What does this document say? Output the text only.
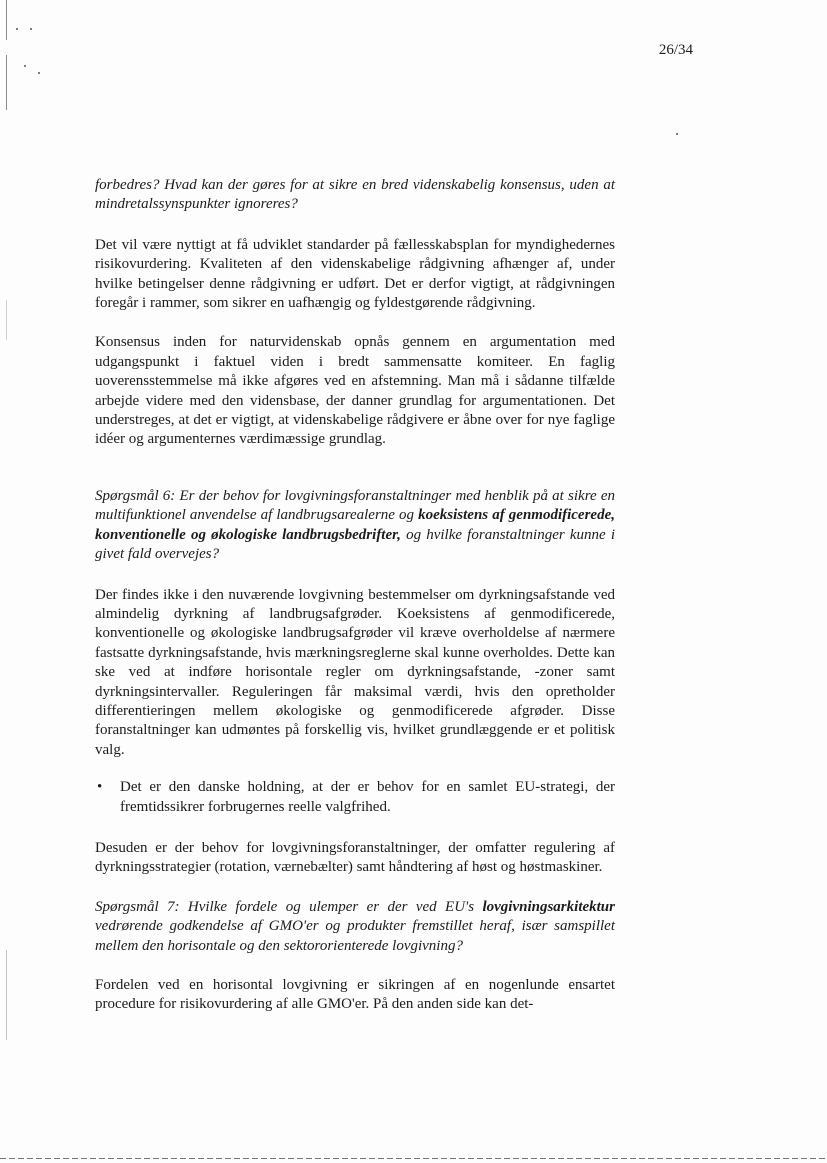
26/34

forbedres? Hvad kan der gøres for at sikre en bred videnskabelig konsensus, uden at mindretalssynspunkter ignoreres?

Det vil være nyttigt at få udviklet standarder på fællesskabsplan for myndighedernes risikovurdering. Kvaliteten af den videnskabelige rådgivning afhænger af, under hvilke betingelser denne rådgivning er udført. Det er derfor vigtigt, at rådgivningen foregår i rammer, som sikrer en uafhængig og fyldestgørende rådgivning.

Konsensus inden for naturvidenskab opnås gennem en argumentation med udgangspunkt i faktuel viden i bredt sammensatte komiteer. En faglig uoverensstemmelse må ikke afgøres ved en afstemning. Man må i sådanne tilfælde arbejde videre med den vidensbase, der danner grundlag for argumentationen. Det understreges, at det er vigtigt, at videnskabelige rådgivere er åbne over for nye faglige idéer og argumenternes værdimæssige grundlag.

Spørgsmål 6: Er der behov for lovgivningsforanstaltninger med henblik på at sikre en multifunktionel anvendelse af landbrugsarealerne og koeksistens af genmodificerede, konventionelle og økologiske landbrugsbedrifter, og hvilke foranstaltninger kunne i givet fald overvejes?

Der findes ikke i den nuværende lovgivning bestemmelser om dyrkningsafstande ved almindelig dyrkning af landbrugsafgrøder. Koeksistens af genmodificerede, konventionelle og økologiske landbrugsafgrøder vil kræve overholdelse af nærmere fastsatte dyrkningsafstande, hvis mærkningsreglerne skal kunne overholdes. Dette kan ske ved at indføre horisontale regler om dyrkningsafstande, -zoner samt dyrkningsintervaller. Reguleringen får maksimal værdi, hvis den opretholder differentieringen mellem økologiske og genmodificerede afgrøder. Disse foranstaltninger kan udmøntes på forskellig vis, hvilket grundlæggende er et politisk valg.

•	Det er den danske holdning, at der er behov for en samlet EU-strategi, der fremtidssikrer forbrugernes reelle valgfrihed.

Desuden er der behov for lovgivningsforanstaltninger, der omfatter regulering af dyrkningsstrategier (rotation, værnebælter) samt håndtering af høst og høstmaskiner.

Spørgsmål 7: Hvilke fordele og ulemper er der ved EU's lovgivningsarkitektur vedrørende godkendelse af GMO'er og produkter fremstillet heraf, især samspillet mellem den horisontale og den sektororienterede lovgivning?

Fordelen ved en horisontal lovgivning er sikringen af en nogenlunde ensartet procedure for risikovurdering af alle GMO'er. På den anden side kan det-
